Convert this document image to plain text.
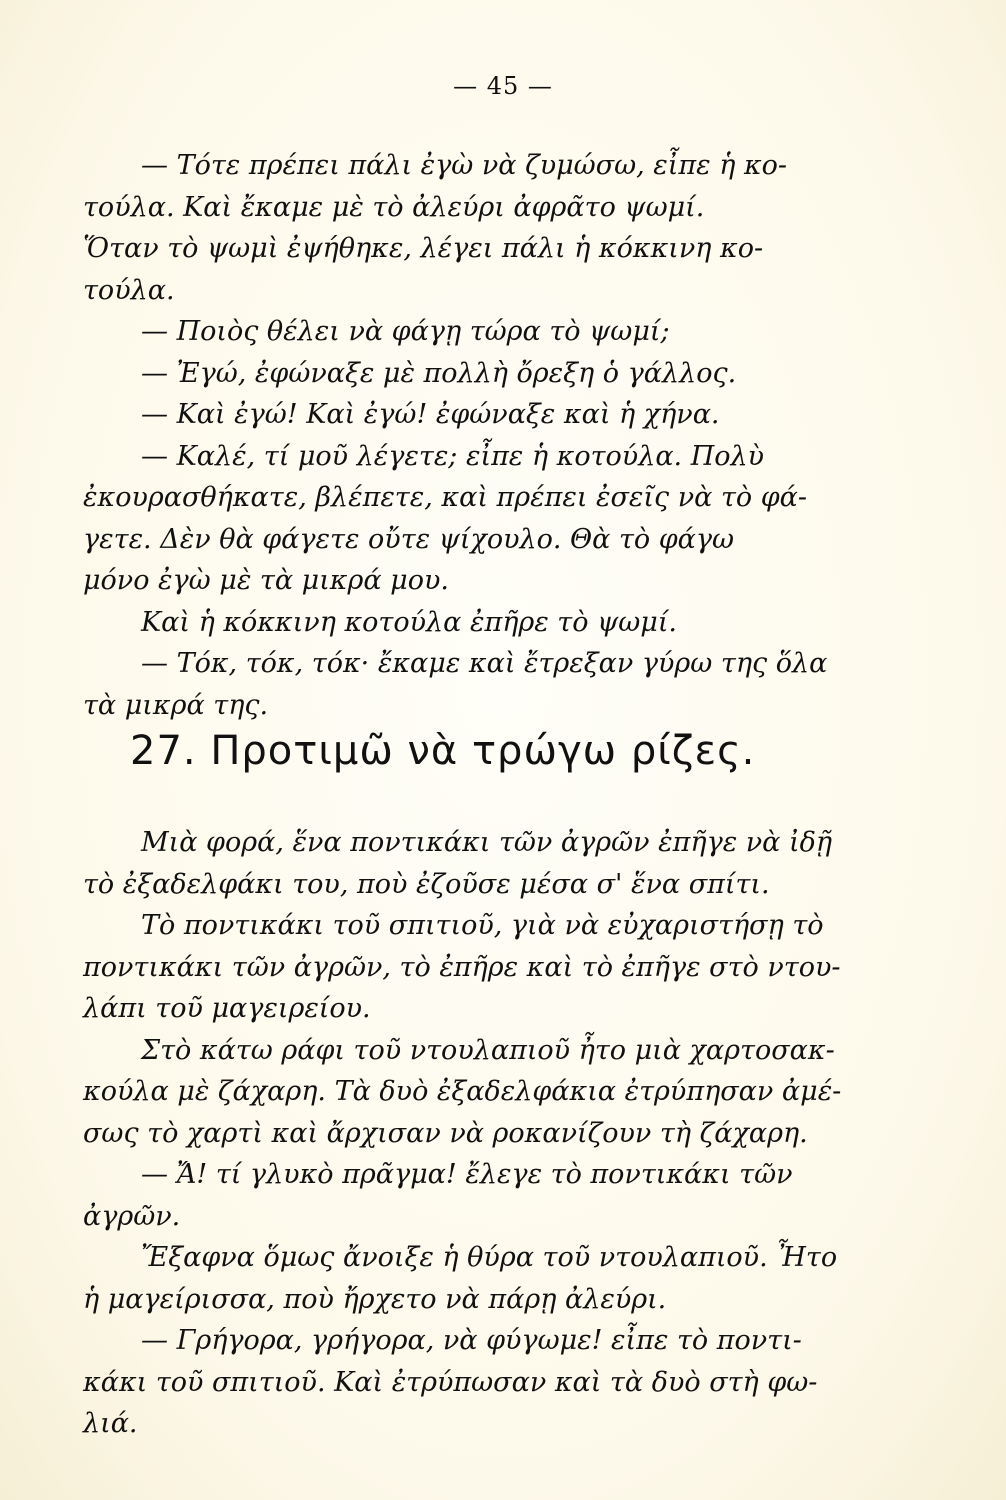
— 45 —
— Τότε πρέπει πάλι ἐγὼ νὰ ζυμώσω, εἶπε ἡ κο-
τούλα. Καὶ ἔκαμε μὲ τὸ ἀλεύρι ἀφρᾶτο ψωμί.
Ὅταν τὸ ψωμὶ ἐψήθηκε, λέγει πάλι ἡ κόκκινη κο-
τούλα.
— Ποιὸς θέλει νὰ φάγῃ τώρα τὸ ψωμί;
— Ἐγώ, ἐφώναξε μὲ πολλὴ ὄρεξη ὁ γάλλος.
— Καὶ ἐγώ! Καὶ ἐγώ! ἐφώναξε καὶ ἡ χήνα.
— Καλέ, τί μοῦ λέγετε; εἶπε ἡ κοτούλα. Πολὺ
ἐκουρασθήκατε, βλέπετε, καὶ πρέπει ἐσεῖς νὰ τὸ φά-
γετε. Δὲν θὰ φάγετε οὔτε ψίχουλο. Θὰ τὸ φάγω
μόνο ἐγὼ μὲ τὰ μικρά μου.
Καὶ ἡ κόκκινη κοτούλα ἐπῆρε τὸ ψωμί.
— Τόκ, τόκ, τόκ· ἔκαμε καὶ ἔτρεξαν γύρω της ὅλα
τὰ μικρά της.
27. Προτιμῶ νὰ τρώγω ρίζες.
Μιὰ φορά, ἕνα ποντικάκι τῶν ἀγρῶν ἐπῆγε νὰ ἰδῇ
τὸ ἐξαδελφάκι του, ποὺ ἐζοῦσε μέσα σ' ἕνα σπίτι.
Τὸ ποντικάκι τοῦ σπιτιοῦ, γιὰ νὰ εὐχαριστήσῃ τὸ
ποντικάκι τῶν ἀγρῶν, τὸ ἐπῆρε καὶ τὸ ἐπῆγε στὸ ντου-
λάπι τοῦ μαγειρείου.
Στὸ κάτω ράφι τοῦ ντουλαπιοῦ ἦτο μιὰ χαρτοσακ-
κούλα μὲ ζάχαρη. Τὰ δυὸ ἐξαδελφάκια ἐτρύπησαν ἀμέ-
σως τὸ χαρτὶ καὶ ἄρχισαν νὰ ροκανίζουν τὴ ζάχαρη.
— Ἄ! τί γλυκὸ πρᾶγμα! ἔλεγε τὸ ποντικάκι τῶν
ἀγρῶν.
Ἔξαφνα ὅμως ἄνοιξε ἡ θύρα τοῦ ντουλαπιοῦ. Ἦτο
ἡ μαγείρισσα, ποὺ ἤρχετο νὰ πάρῃ ἀλεύρι.
— Γρήγορα, γρήγορα, νὰ φύγωμε! εἶπε τὸ ποντι-
κάκι τοῦ σπιτιοῦ. Καὶ ἐτρύπωσαν καὶ τὰ δυὸ στὴ φω-
λιά.
